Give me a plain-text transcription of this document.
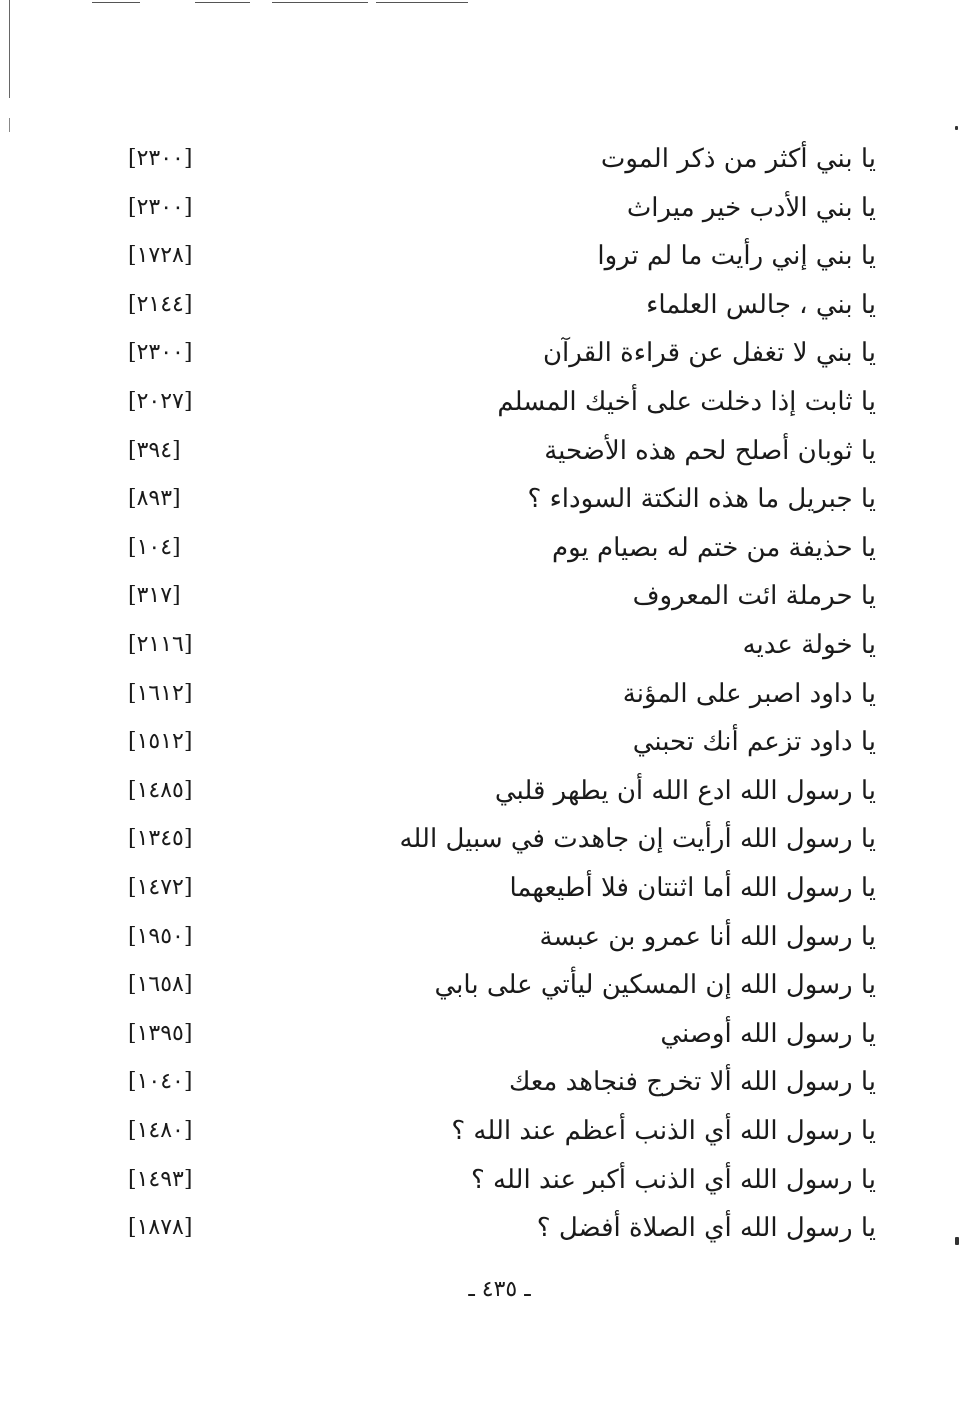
يا بني أكثر من ذكر الموت
[٢٣٠٠]
يا بني الأدب خير ميراث
[٢٣٠٠]
يا بني إني رأيت ما لم تروا
[١٧٢٨]
يا بني ، جالس العلماء
[٢١٤٤]
يا بني لا تغفل عن قراءة القرآن
[٢٣٠٠]
يا ثابت إذا دخلت على أخيك المسلم
[٢٠٢٧]
يا ثوبان أصلح لحم هذه الأضحية
[٣٩٤]
يا جبريل ما هذه النكتة السوداء ؟
[٨٩٣]
يا حذيفة من ختم له بصيام يوم
[١٠٤]
يا حرملة ائت المعروف
[٣١٧]
يا خولة عديه
[٢١١٦]
يا داود اصبر على المؤنة
[١٦١٢]
يا داود تزعم أنك تحبني
[١٥١٢]
يا رسول الله ادع الله أن يطهر قلبي
[١٤٨٥]
يا رسول الله أرأيت إن جاهدت في سبيل الله
[١٣٤٥]
يا رسول الله أما اثنتان فلا أطيعهما
[١٤٧٢]
يا رسول الله أنا عمرو بن عبسة
[١٩٥٠]
يا رسول الله إن المسكين ليأتي على بابي
[١٦٥٨]
يا رسول الله أوصني
[١٣٩٥]
يا رسول الله ألا تخرج فنجاهد معك
[١٠٤٠]
يا رسول الله أي الذنب أعظم عند الله ؟
[١٤٨٠]
يا رسول الله أي الذنب أكبر عند الله ؟
[١٤٩٣]
يا رسول الله أي الصلاة أفضل ؟
[١٨٧٨]
ـ ٤٣٥ ـ
